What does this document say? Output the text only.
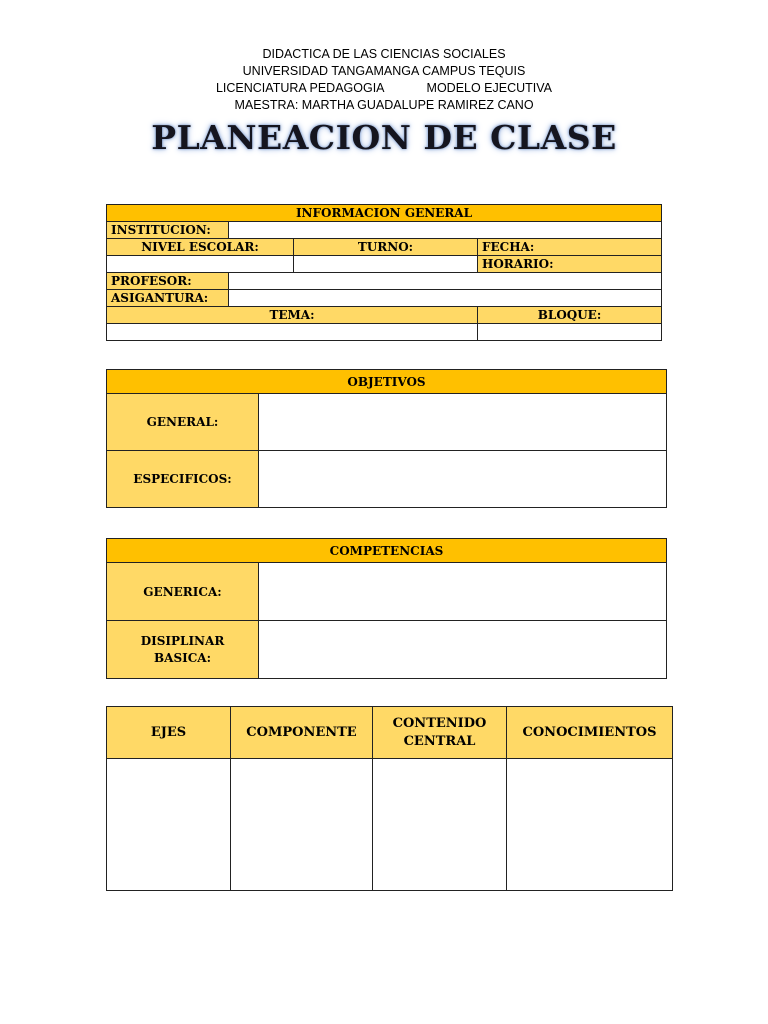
DIDACTICA DE LAS CIENCIAS SOCIALES
UNIVERSIDAD TANGAMANGA CAMPUS TEQUIS
LICENCIATURA PEDAGOGIA	MODELO EJECUTIVA
MAESTRA: MARTHA GUADALUPE RAMIREZ CANO
PLANEACION DE CLASE
INFORMACION GENERAL			
INSTITUCION:			
NIVEL ESCOLAR:		TURNO:	FECHA:
			HORARIO:
PROFESOR:			
ASIGANTURA:			
TEMA:			BLOQUE:

OBJETIVOS	
GENERAL:	
ESPECIFICOS:	
COMPETENCIAS	
GENERICA:	
DISIPLINAR BASICA:	
EJES	COMPONENTE	CONTENIDO CENTRAL	CONOCIMIENTOS
